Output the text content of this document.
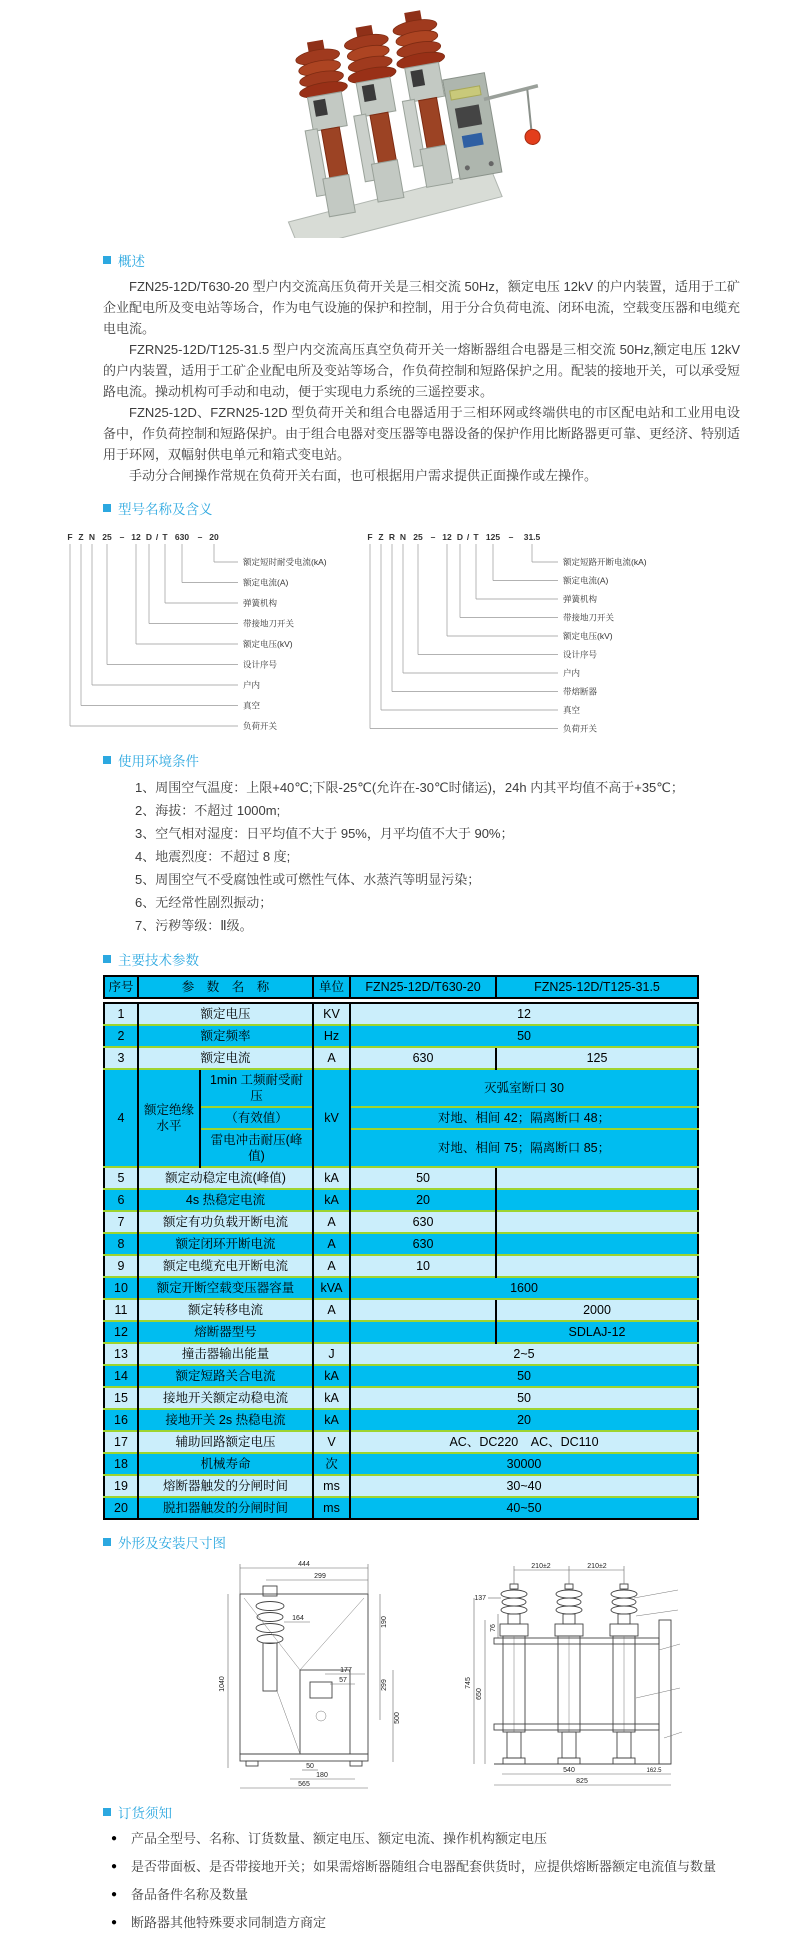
概述

FZN25-12D/T630-20 型户内交流高压负荷开关是三相交流 50Hz，额定电压 12kV 的户内装置，适用于工矿企业配电所及变电站等场合，作为电气设施的保护和控制，用于分合负荷电流、闭环电流，空载变压器和电缆充电电流。

FZRN25-12D/T125-31.5 型户内交流高压真空负荷开关一熔断器组合电器是三相交流 50Hz,额定电压 12kV 的户内装置，适用于工矿企业配电所及变站等场合，作负荷控制和短路保护之用。配装的接地开关，可以承受短路电流。操动机构可手动和电动，便于实现电力系统的三遥控要求。

FZN25-12D、FZRN25-12D 型负荷开关和组合电器适用于三相环网或终端供电的市区配电站和工业用电设备中，作负荷控制和短路保护。由于组合电器对变压器等电器设备的保护作用比断路器更可靠、更经济、特别适用于环网，双幅射供电单元和箱式变电站。

手动分合闸操作常规在负荷开关右面，也可根据用户需求提供正面操作或左操作。

型号名称及含义
F Z N 25 – 12 D / T 630 – 20
额定短时耐受电流(kA)
额定电流(A)
弹簧机构
带接地刀开关
额定电压(kV)
设计序号
户内
真空
负荷开关
F Z R N 25 – 12 D / T 125 – 31.5
额定短路开断电流(kA)
额定电流(A)
弹簧机构
带接地刀开关
额定电压(kV)
设计序号
户内
带熔断器
真空
负荷开关
使用环境条件
1、周围空气温度：上限+40℃;下限-25℃(允许在-30℃时储运)，24h 内其平均值不高于+35℃；
2、海拔：不超过 1000m;
3、空气相对湿度：日平均值不大于 95%，月平均值不大于 90%；
4、地震烈度：不超过 8 度;
5、周围空气不受腐蚀性或可燃性气体、水蒸汽等明显污染；
6、无经常性剧烈振动；
7、污秽等级：Ⅱ级。
主要技术参数
序号	参　数　名　称	单位	FZN25-12D/T630-20	FZN25-12D/T125-31.5
1	额定电压		KV	12	
2	额定频率		Hz	50	
3	额定电流		A	630	125
4	额定绝缘水平	1min 工频耐受耐压	kV	灭弧室断口 30	
		（有效值）		对地、相间 42；隔离断口 48；	
		雷电冲击耐压(峰值)		对地、相间 75；隔离断口 85；	
5	额定动稳定电流(峰值)		kA	50	
6	4s 热稳定电流		kA	20	
7	额定有功负载开断电流		A	630	
8	额定闭环开断电流		A	630	
9	额定电缆充电开断电流		A	10	
10	额定开断空载变压器容量		kVA	1600	
11	额定转移电流		A		2000
12	熔断器型号				SDLAJ-12
13	撞击器输出能量		J	2~5	
14	额定短路关合电流		kA	50	
15	接地开关额定动稳电流		kA	50	
16	接地开关 2s 热稳电流		kA	20	
17	辅助回路额定电压		V	AC、DC220　AC、DC110	
18	机械寿命		次	30000	
19	熔断器触发的分闸时间		ms	30~40	
20	脱扣器触发的分闸时间		ms	40~50	
外形及安装尺寸图
444
299
1040
190
299
500
164
177
57
50
180
565
210±2	210±2
137
76
745
650
540	162.5
825
订货须知
● 产品全型号、名称、订货数量、额定电压、额定电流、操作机构额定电压
● 是否带面板、是否带接地开关；如果需熔断器随组合电器配套供货时，应提供熔断器额定电流值与数量
● 备品备件名称及数量
● 断路器其他特殊要求同制造方商定
